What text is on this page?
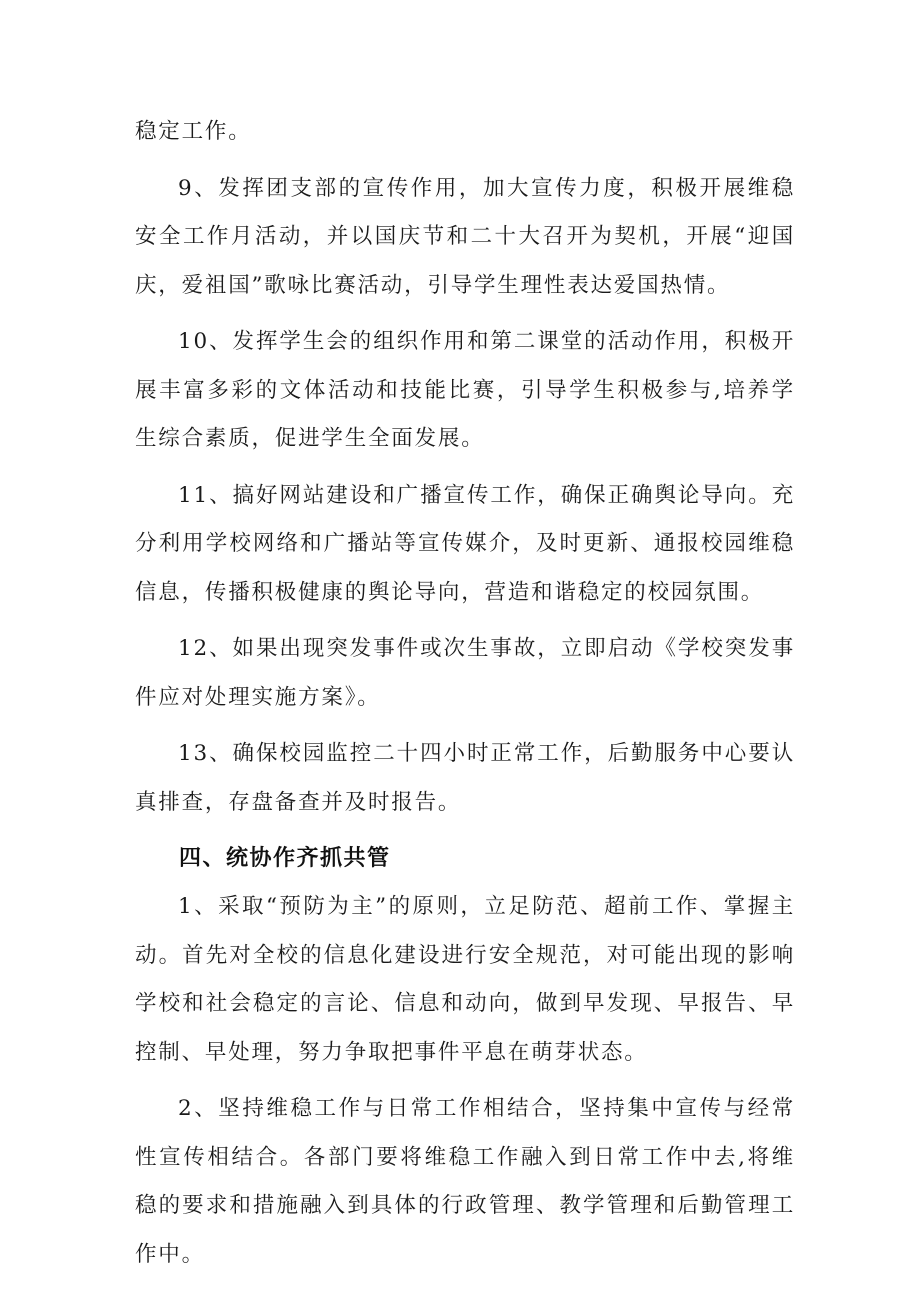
稳定工作。

9、发挥团支部的宣传作用，加大宣传力度，积极开展维稳安全工作月活动，并以国庆节和二十大召开为契机，开展“迎国庆，爱祖国”歌咏比赛活动，引导学生理性表达爱国热情。

10、发挥学生会的组织作用和第二课堂的活动作用，积极开展丰富多彩的文体活动和技能比赛，引导学生积极参与,培养学生综合素质，促进学生全面发展。

11、搞好网站建设和广播宣传工作，确保正确舆论导向。充分利用学校网络和广播站等宣传媒介，及时更新、通报校园维稳信息，传播积极健康的舆论导向，营造和谐稳定的校园氛围。

12、如果出现突发事件或次生事故，立即启动《学校突发事件应对处理实施方案》。

13、确保校园监控二十四小时正常工作，后勤服务中心要认真排查，存盘备查并及时报告。

四、统协作齐抓共管

1、采取“预防为主”的原则，立足防范、超前工作、掌握主动。首先对全校的信息化建设进行安全规范，对可能出现的影响学校和社会稳定的言论、信息和动向，做到早发现、早报告、早控制、早处理，努力争取把事件平息在萌芽状态。

2、坚持维稳工作与日常工作相结合，坚持集中宣传与经常性宣传相结合。各部门要将维稳工作融入到日常工作中去,将维稳的要求和措施融入到具体的行政管理、教学管理和后勤管理工作中。
